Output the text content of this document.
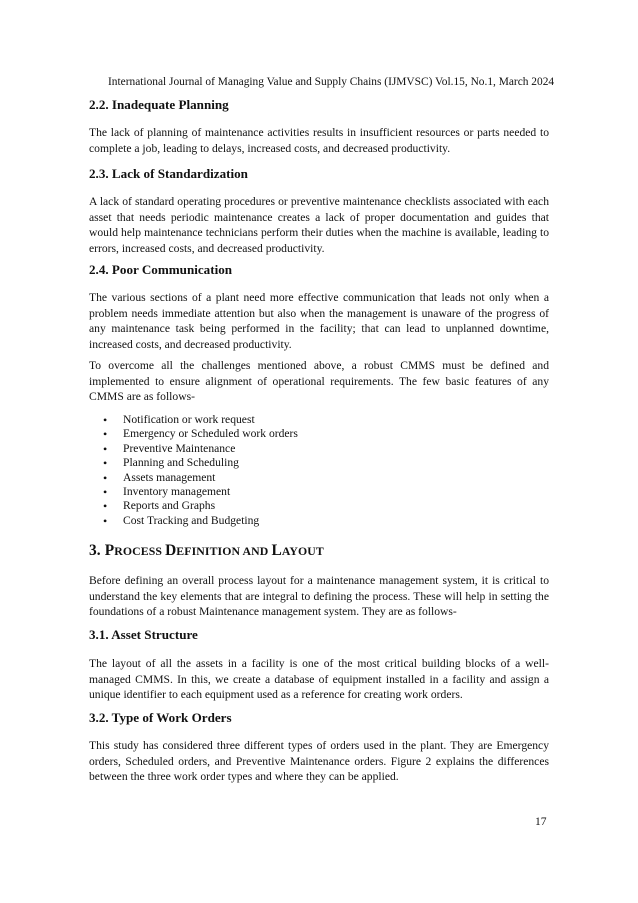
International Journal of Managing Value and Supply Chains (IJMVSC) Vol.15, No.1, March 2024
2.2. Inadequate Planning

The lack of planning of maintenance activities results in insufficient resources or parts needed to complete a job, leading to delays, increased costs, and decreased productivity.

2.3. Lack of Standardization

A lack of standard operating procedures or preventive maintenance checklists associated with each asset that needs periodic maintenance creates a lack of proper documentation and guides that would help maintenance technicians perform their duties when the machine is available, leading to errors, increased costs, and decreased productivity.

2.4. Poor Communication

The various sections of a plant need more effective communication that leads not only when a problem needs immediate attention but also when the management is unaware of the progress of any maintenance task being performed in the facility; that can lead to unplanned downtime, increased costs, and decreased productivity.

To overcome all the challenges mentioned above, a robust CMMS must be defined and implemented to ensure alignment of operational requirements. The few basic features of any CMMS are as follows-

• Notification or work request
• Emergency or Scheduled work orders
• Preventive Maintenance
• Planning and Scheduling
• Assets management
• Inventory management
• Reports and Graphs
• Cost Tracking and Budgeting
3. PROCESS DEFINITION AND LAYOUT

Before defining an overall process layout for a maintenance management system, it is critical to understand the key elements that are integral to defining the process. These will help in setting the foundations of a robust Maintenance management system. They are as follows-

3.1. Asset Structure

The layout of all the assets in a facility is one of the most critical building blocks of a well-managed CMMS. In this, we create a database of equipment installed in a facility and assign a unique identifier to each equipment used as a reference for creating work orders.

3.2. Type of Work Orders

This study has considered three different types of orders used in the plant. They are Emergency orders, Scheduled orders, and Preventive Maintenance orders. Figure 2 explains the differences between the three work order types and where they can be applied.

17
